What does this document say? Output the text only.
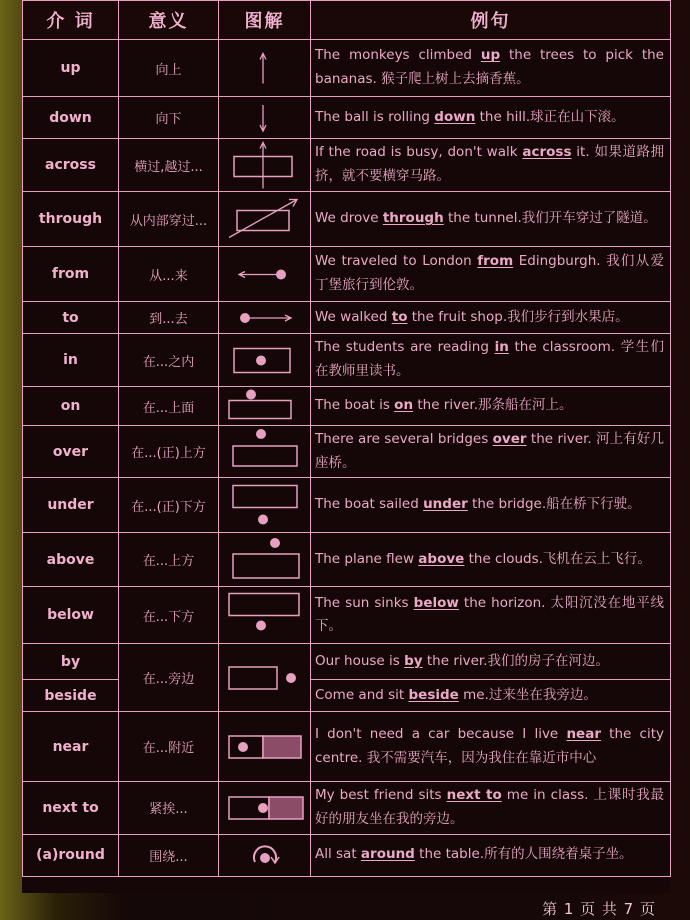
介 词	意义	图解	例句
up	向上		The monkeys climbed up the trees to pick the bananas. 猴子爬上树上去摘香蕉。
down	向下		The ball is rolling down the hill.球正在山下滚。
across	横过,越过...		If the road is busy, don't walk across it. 如果道路拥挤，就不要横穿马路。
through	从内部穿过...		We drove through the tunnel.我们开车穿过了隧道。
from	从...来		We traveled to London from Edingburgh. 我们从爱丁堡旅行到伦敦。
to	到...去		We walked to the fruit shop.我们步行到水果店。
in	在...之内		The students are reading in the classroom. 学生们在教师里读书。
on	在...上面		The boat is on the river.那条船在河上。
over	在...(正)上方		There are several bridges over the river. 河上有好几座桥。
under	在...(正)下方		The boat sailed under the bridge.船在桥下行驶。
above	在...上方		The plane flew above the clouds.飞机在云上飞行。
below	在...下方		The sun sinks below the horizon. 太阳沉没在地平线下。
by	在...旁边		Our house is by the river.我们的房子在河边。
beside			Come and sit beside me.过来坐在我旁边。
near	在...附近		I don't need a car because I live near the city centre. 我不需要汽车，因为我住在靠近市中心
next to	紧挨...		My best friend sits next to me in class. 上课时我最好的朋友坐在我的旁边。
(a)round	围绕...		All sat around the table.所有的人围绕着桌子坐。
第 1 页 共 7 页
